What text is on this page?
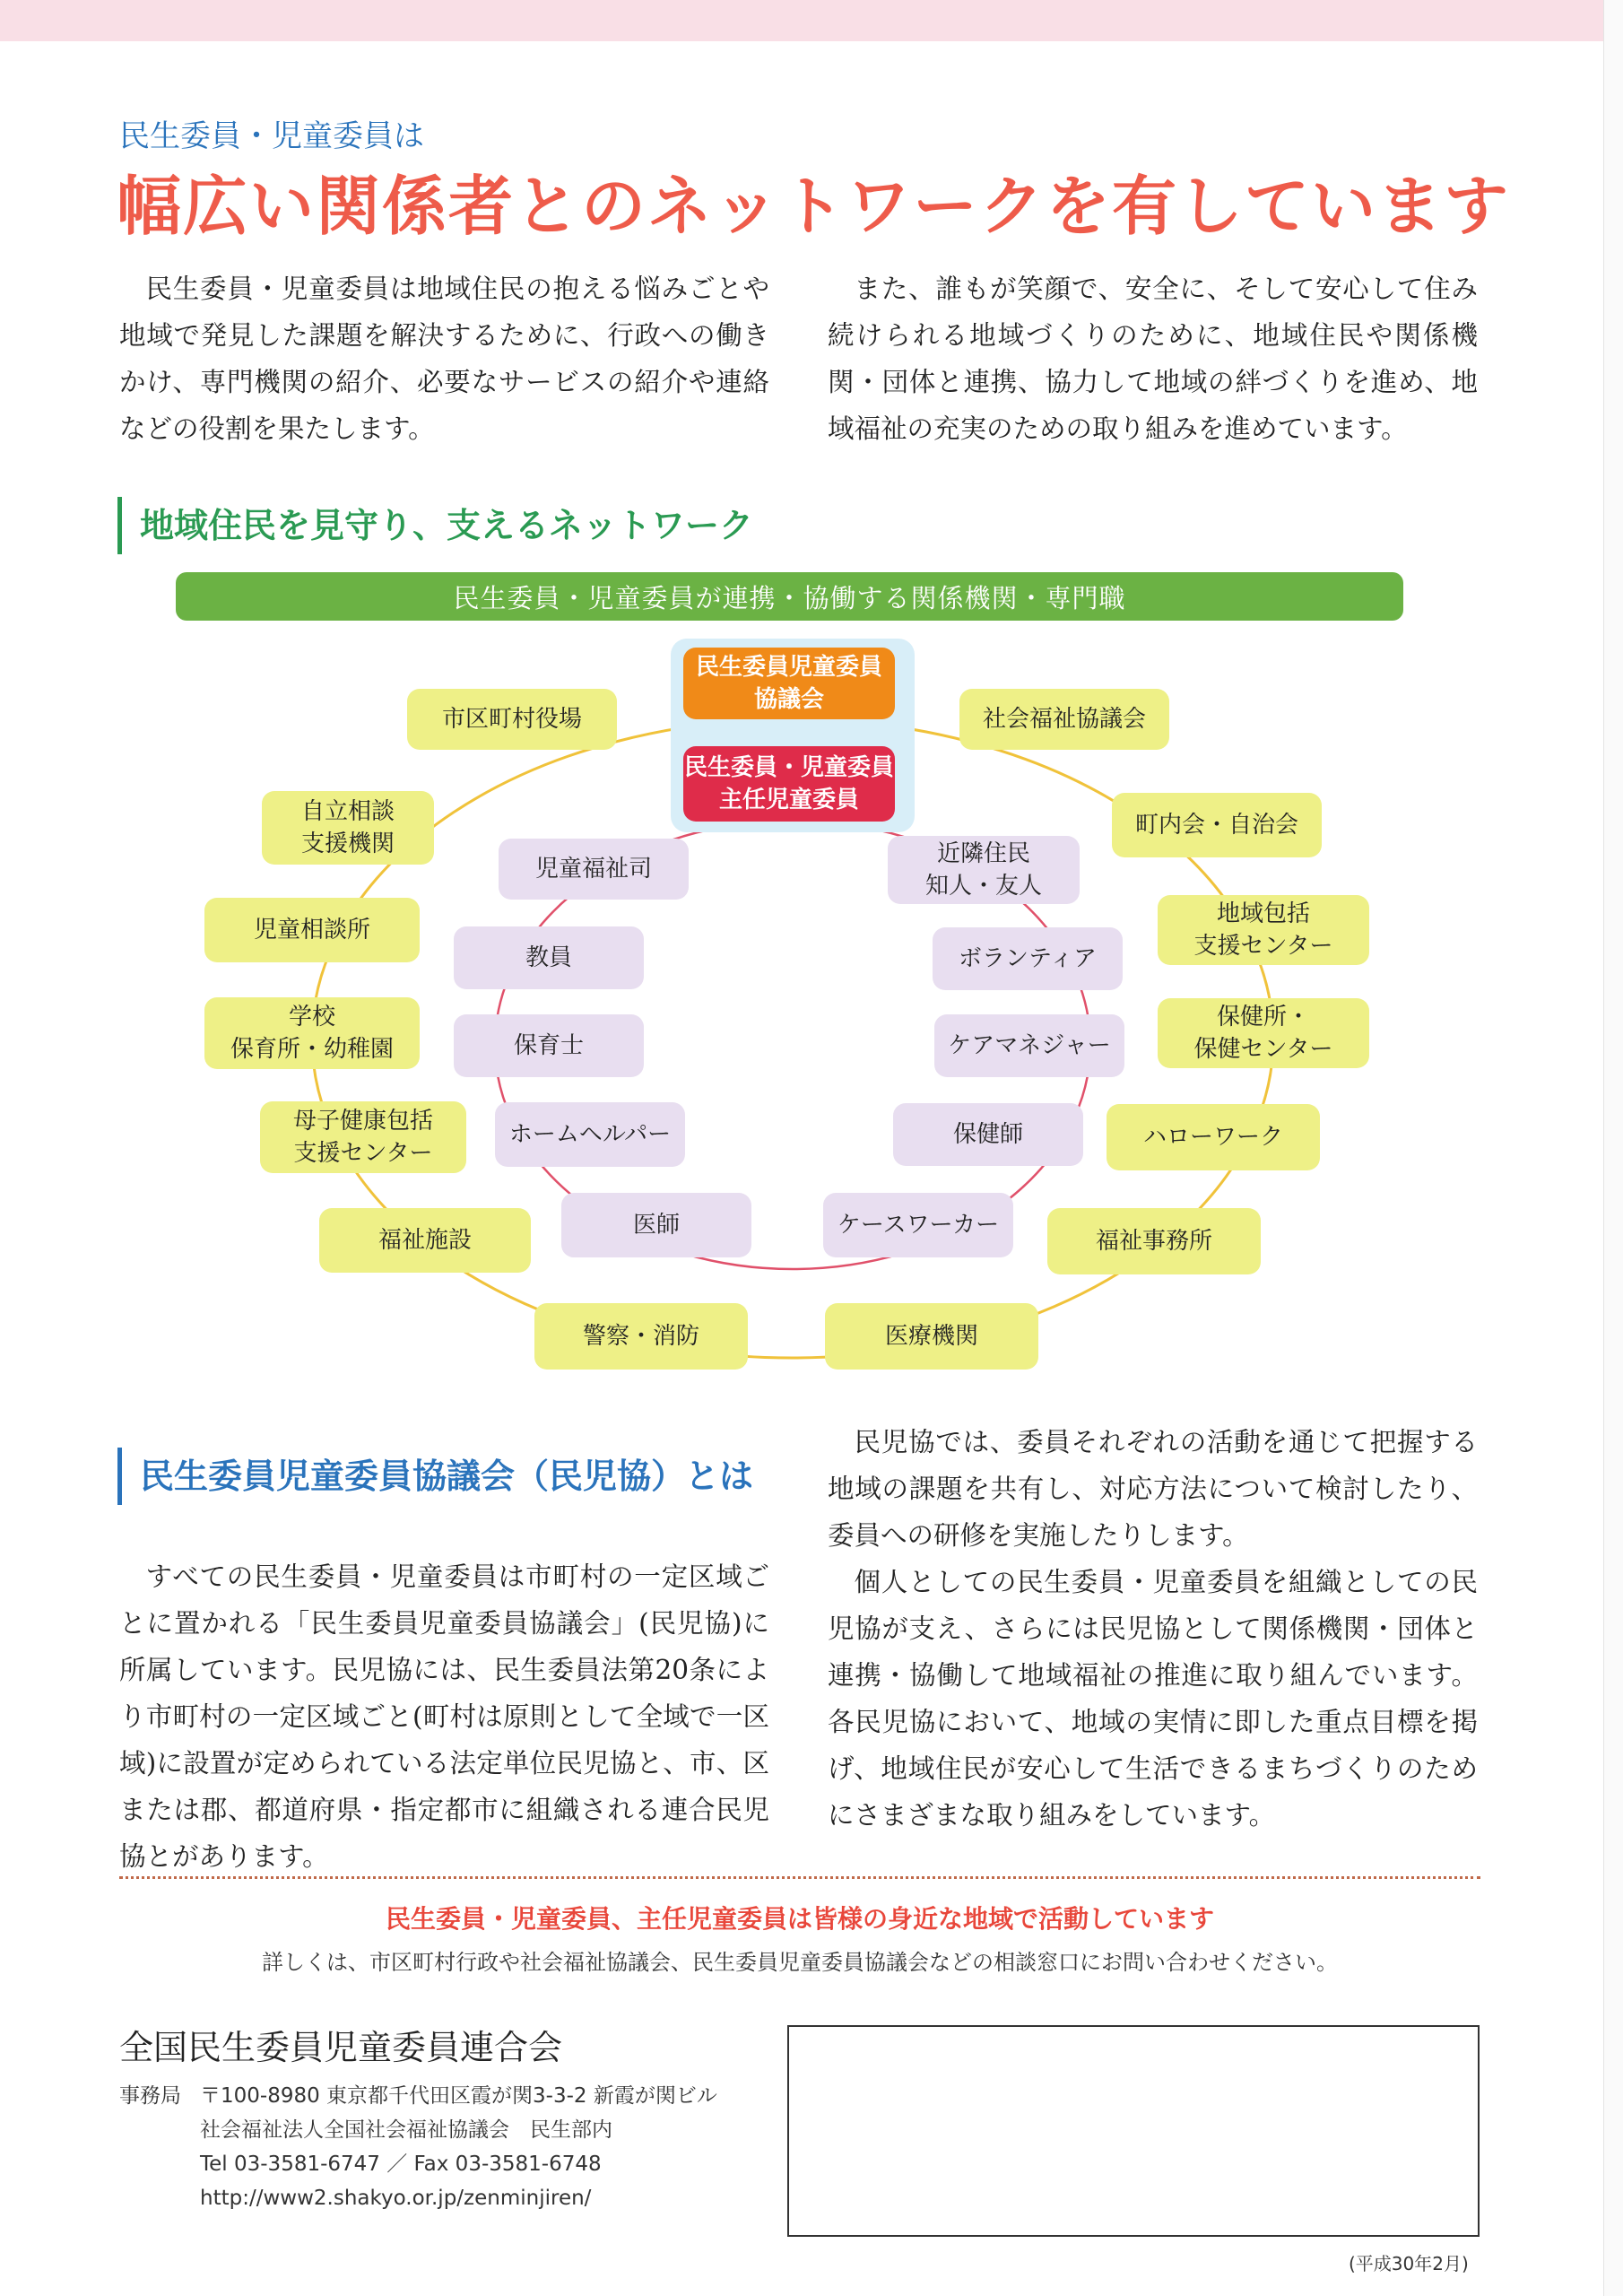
民生委員・児童委員は
幅広い関係者とのネットワークを有しています

民生委員・児童委員は地域住民の抱える悩みごとや地域で発見した課題を解決するために、行政への働きかけ、専門機関の紹介、必要なサービスの紹介や連絡などの役割を果たします。

また、誰もが笑顔で、安全に、そして安心して住み続けられる地域づくりのために、地域住民や関係機関・団体と連携、協力して地域の絆づくりを進め、地域福祉の充実のための取り組みを進めています。

地域住民を見守り、支えるネットワーク
民生委員・児童委員が連携・協働する関係機関・専門職
民生委員児童委員
協議会
民生委員・児童委員
主任児童委員
市区町村役場	社会福祉協議会
自立相談
支援機関
町内会・自治会
児童相談所
地域包括
支援センター
学校
保育所・幼稚園
保健所・
保健センター
母子健康包括
支援センター
ハローワーク
福祉施設	福祉事務所
警察・消防	医療機関
児童福祉司
近隣住民
知人・友人
教員	ボランティア
保育士	ケアマネジャー
ホームヘルパー	保健師
医師	ケースワーカー
民生委員児童委員協議会（民児協）とは

すべての民生委員・児童委員は市町村の一定区域ごとに置かれる「民生委員児童委員協議会」(民児協)に所属しています。民児協には、民生委員法第20条により市町村の一定区域ごと(町村は原則として全域で一区域)に設置が定められている法定単位民児協と、市、区または郡、都道府県・指定都市に組織される連合民児協とがあります。

民児協では、委員それぞれの活動を通じて把握する地域の課題を共有し、対応方法について検討したり、委員への研修を実施したりします。

個人としての民生委員・児童委員を組織としての民児協が支え、さらには民児協として関係機関・団体と連携・協働して地域福祉の推進に取り組んでいます。各民児協において、地域の実情に即した重点目標を掲げ、地域住民が安心して生活できるまちづくりのためにさまざまな取り組みをしています。

民生委員・児童委員、主任児童委員は皆様の身近な地域で活動しています
詳しくは、市区町村行政や社会福祉協議会、民生委員児童委員協議会などの相談窓口にお問い合わせください。
全国民生委員児童委員連合会
事務局 〒100-8980 東京都千代田区霞が関3-3-2 新霞が関ビル
社会福祉法人全国社会福祉協議会　民生部内
Tel 03-3581-6747 ／ Fax 03-3581-6748
http://www2.shakyo.or.jp/zenminjiren/
(平成30年2月)
